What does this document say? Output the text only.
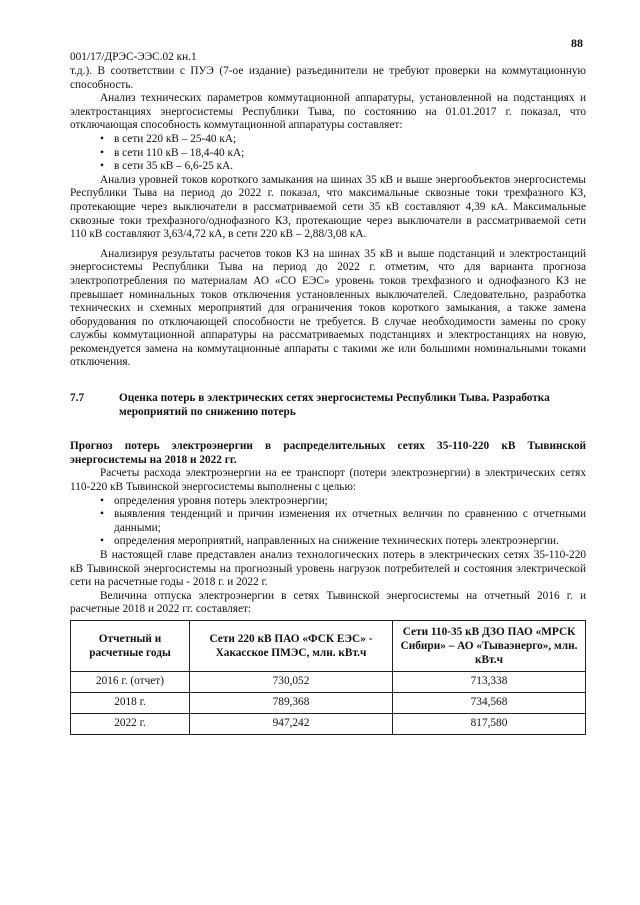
88
001/17/ДРЭС-ЭЭС.02 кн.1

т.д.). В соответствии с ПУЭ (7-ое издание) разъединители не требуют проверки на коммутационную способность.

Анализ технических параметров коммутационной аппаратуры, установленной на подстанциях и электростанциях энергосистемы Республики Тыва, по состоянию на 01.01.2017 г. показал, что отключающая способность коммутационной аппаратуры составляет:

• в сети 220 кВ – 25-40 кА;
• в сети 110 кВ – 18,4-40 кА;
• в сети 35 кВ – 6,6-25 кА.

Анализ уровней токов короткого замыкания на шинах 35 кВ и выше энергообъектов энергосистемы Республики Тыва на период до 2022 г. показал, что максимальные сквозные токи трехфазного КЗ, протекающие через выключатели в рассматриваемой сети 35 кВ составляют 4,39 кА. Максимальные сквозные токи трехфазного/однофазного КЗ, протекающие через выключатели в рассматриваемой сети 110 кВ составляют 3,63/4,72 кА, в сети 220 кВ – 2,88/3,08 кА.

Анализируя результаты расчетов токов КЗ на шинах 35 кВ и выше подстанций и электростанций энергосистемы Республики Тыва на период до 2022 г. отметим, что для варианта прогноза электропотребления по материалам АО «СО ЕЭС» уровень токов трехфазного и однофазного КЗ не превышает номинальных токов отключения установленных выключателей. Следовательно, разработка технических и схемных мероприятий для ограничения токов короткого замыкания, а также замена оборудования по отключающей способности не требуется. В случае необходимости замены по сроку службы коммутационной аппаратуры на рассматриваемых подстанциях и электростанциях на новую, рекомендуется замена на коммутационные аппараты с такими же или большими номинальными токами отключения.

7.7	Оценка потерь в электрических сетях энергосистемы Республики Тыва. Разработка мероприятий по снижению потерь

Прогноз потерь электроэнергии в распределительных сетях 35-110-220 кВ Тывинской энергосистемы на 2018 и 2022 гг.

Расчеты расхода электроэнергии на ее транспорт (потери электроэнергии) в электрических сетях 110-220 кВ Тывинской энергосистемы выполнены с целью:

• определения уровня потерь электроэнергии;
• выявления тенденций и причин изменения их отчетных величин по сравнению с отчетными данными;
• определения мероприятий, направленных на снижение технических потерь электроэнергии.

В настоящей главе представлен анализ технологических потерь в электрических сетях 35-110-220 кВ Тывинской энергосистемы на прогнозный уровень нагрузок потребителей и состояния электрической сети на расчетные годы - 2018 г. и 2022 г.

Величина отпуска электроэнергии в сетях Тывинской энергосистемы на отчетный 2016 г. и расчетные 2018 и 2022 гг. составляет:

Отчетный и расчетные годы	Сети 220 кВ ПАО «ФСК ЕЭС» - Хакасское ПМЭС, млн. кВт.ч	Сети 110-35 кВ ДЗО ПАО «МРСК Сибири» – АО «Тываэнерго», млн. кВт.ч
2016 г. (отчет)	730,052	713,338
2018 г.	789,368	734,568
2022 г.	947,242	817,580
